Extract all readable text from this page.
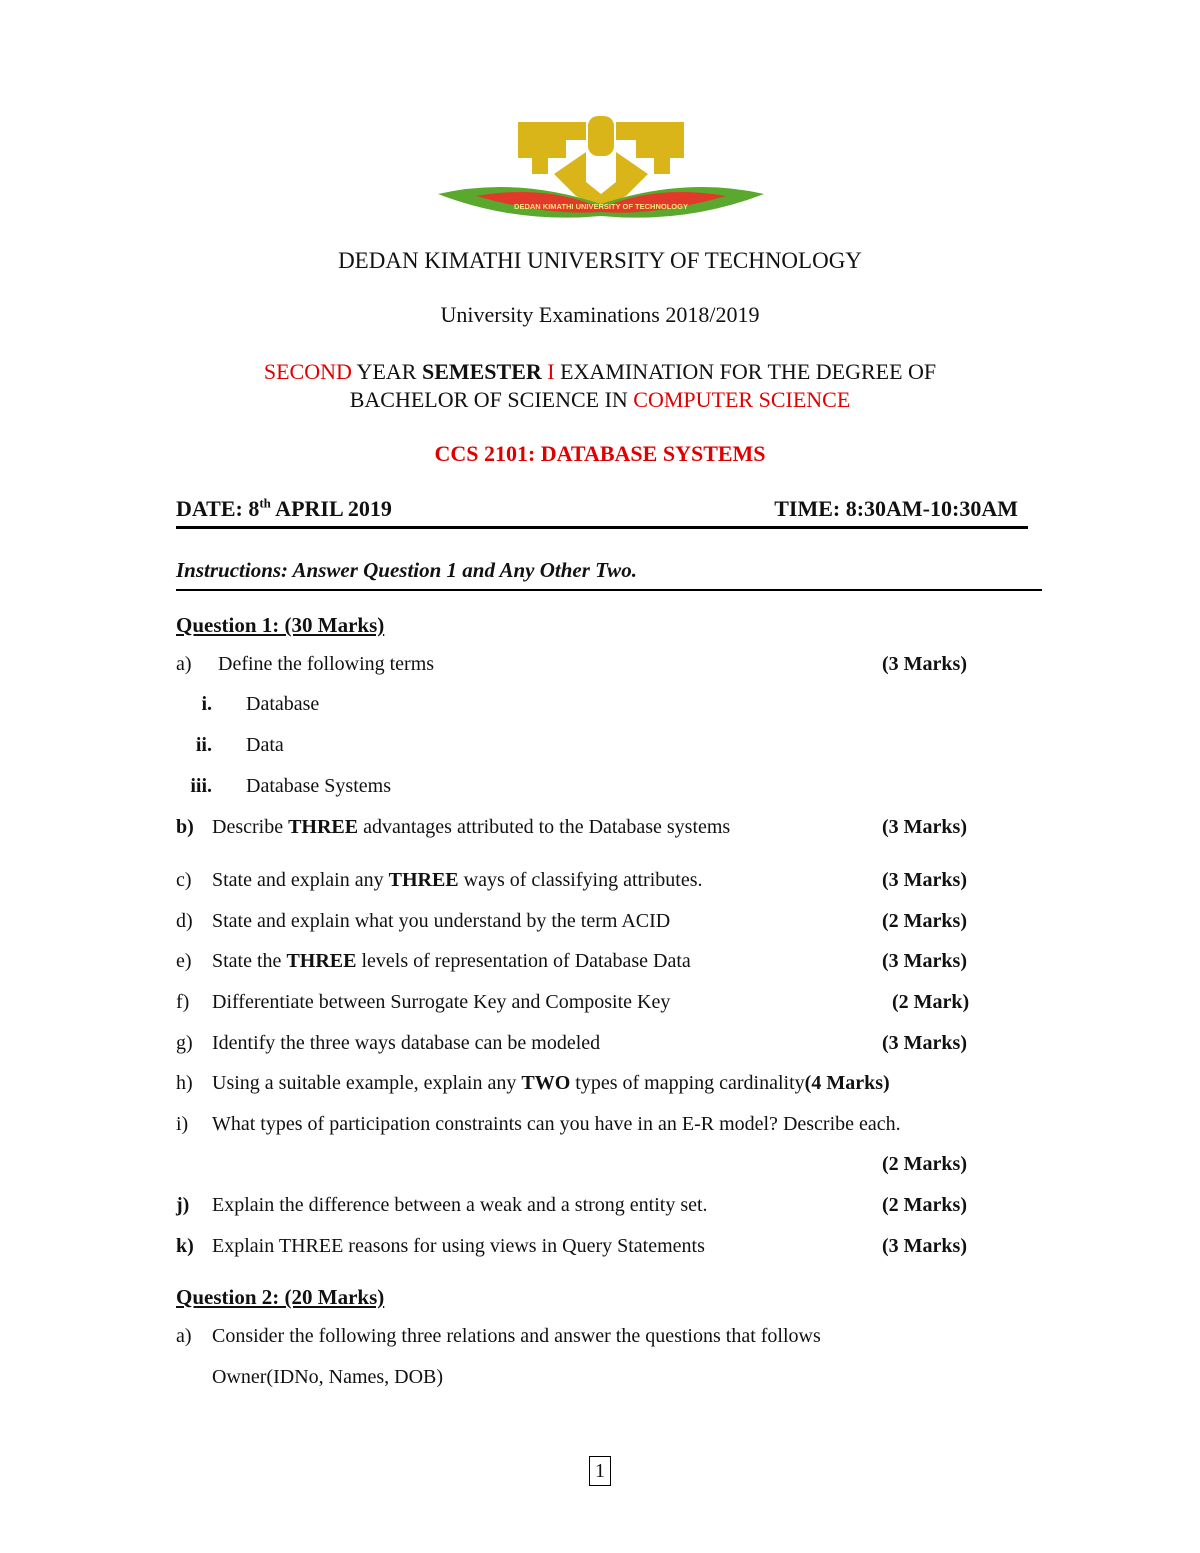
DEDAN KIMATHI UNIVERSITY OF TECHNOLOGY
DEDAN KIMATHI UNIVERSITY OF TECHNOLOGY
University Examinations 2018/2019
SECOND YEAR SEMESTER I EXAMINATION FOR THE DEGREE OF
BACHELOR OF SCIENCE IN COMPUTER SCIENCE
CCS 2101: DATABASE SYSTEMS
DATE: 8th APRIL 2019	TIME: 8:30AM-10:30AM
Instructions: Answer Question 1 and Any Other Two.
Question 1: (30 Marks)
a)	Define the following terms	(3 Marks)
i. Database
ii. Data
iii. Database Systems
b) Describe THREE advantages attributed to the Database systems	(3 Marks)
c)	State and explain any THREE ways of classifying attributes.	(3 Marks)
d) State and explain what you understand by the term ACID	(2 Marks)
e)	State the THREE levels of representation of Database Data	(3 Marks)
f)	Differentiate between Surrogate Key and Composite Key	(2 Mark)
g) Identify the three ways database can be modeled	(3 Marks)
h) Using a suitable example, explain any TWO types of mapping cardinality(4 Marks)
i)	What types of participation constraints can you have in an E-R model? Describe each.
(2 Marks)
j)	Explain the difference between a weak and a strong entity set.	(2 Marks)
k) Explain THREE reasons for using views in Query Statements	(3 Marks)
Question 2: (20 Marks)
a)	Consider the following three relations and answer the questions that follows
Owner(IDNo, Names, DOB)
1
